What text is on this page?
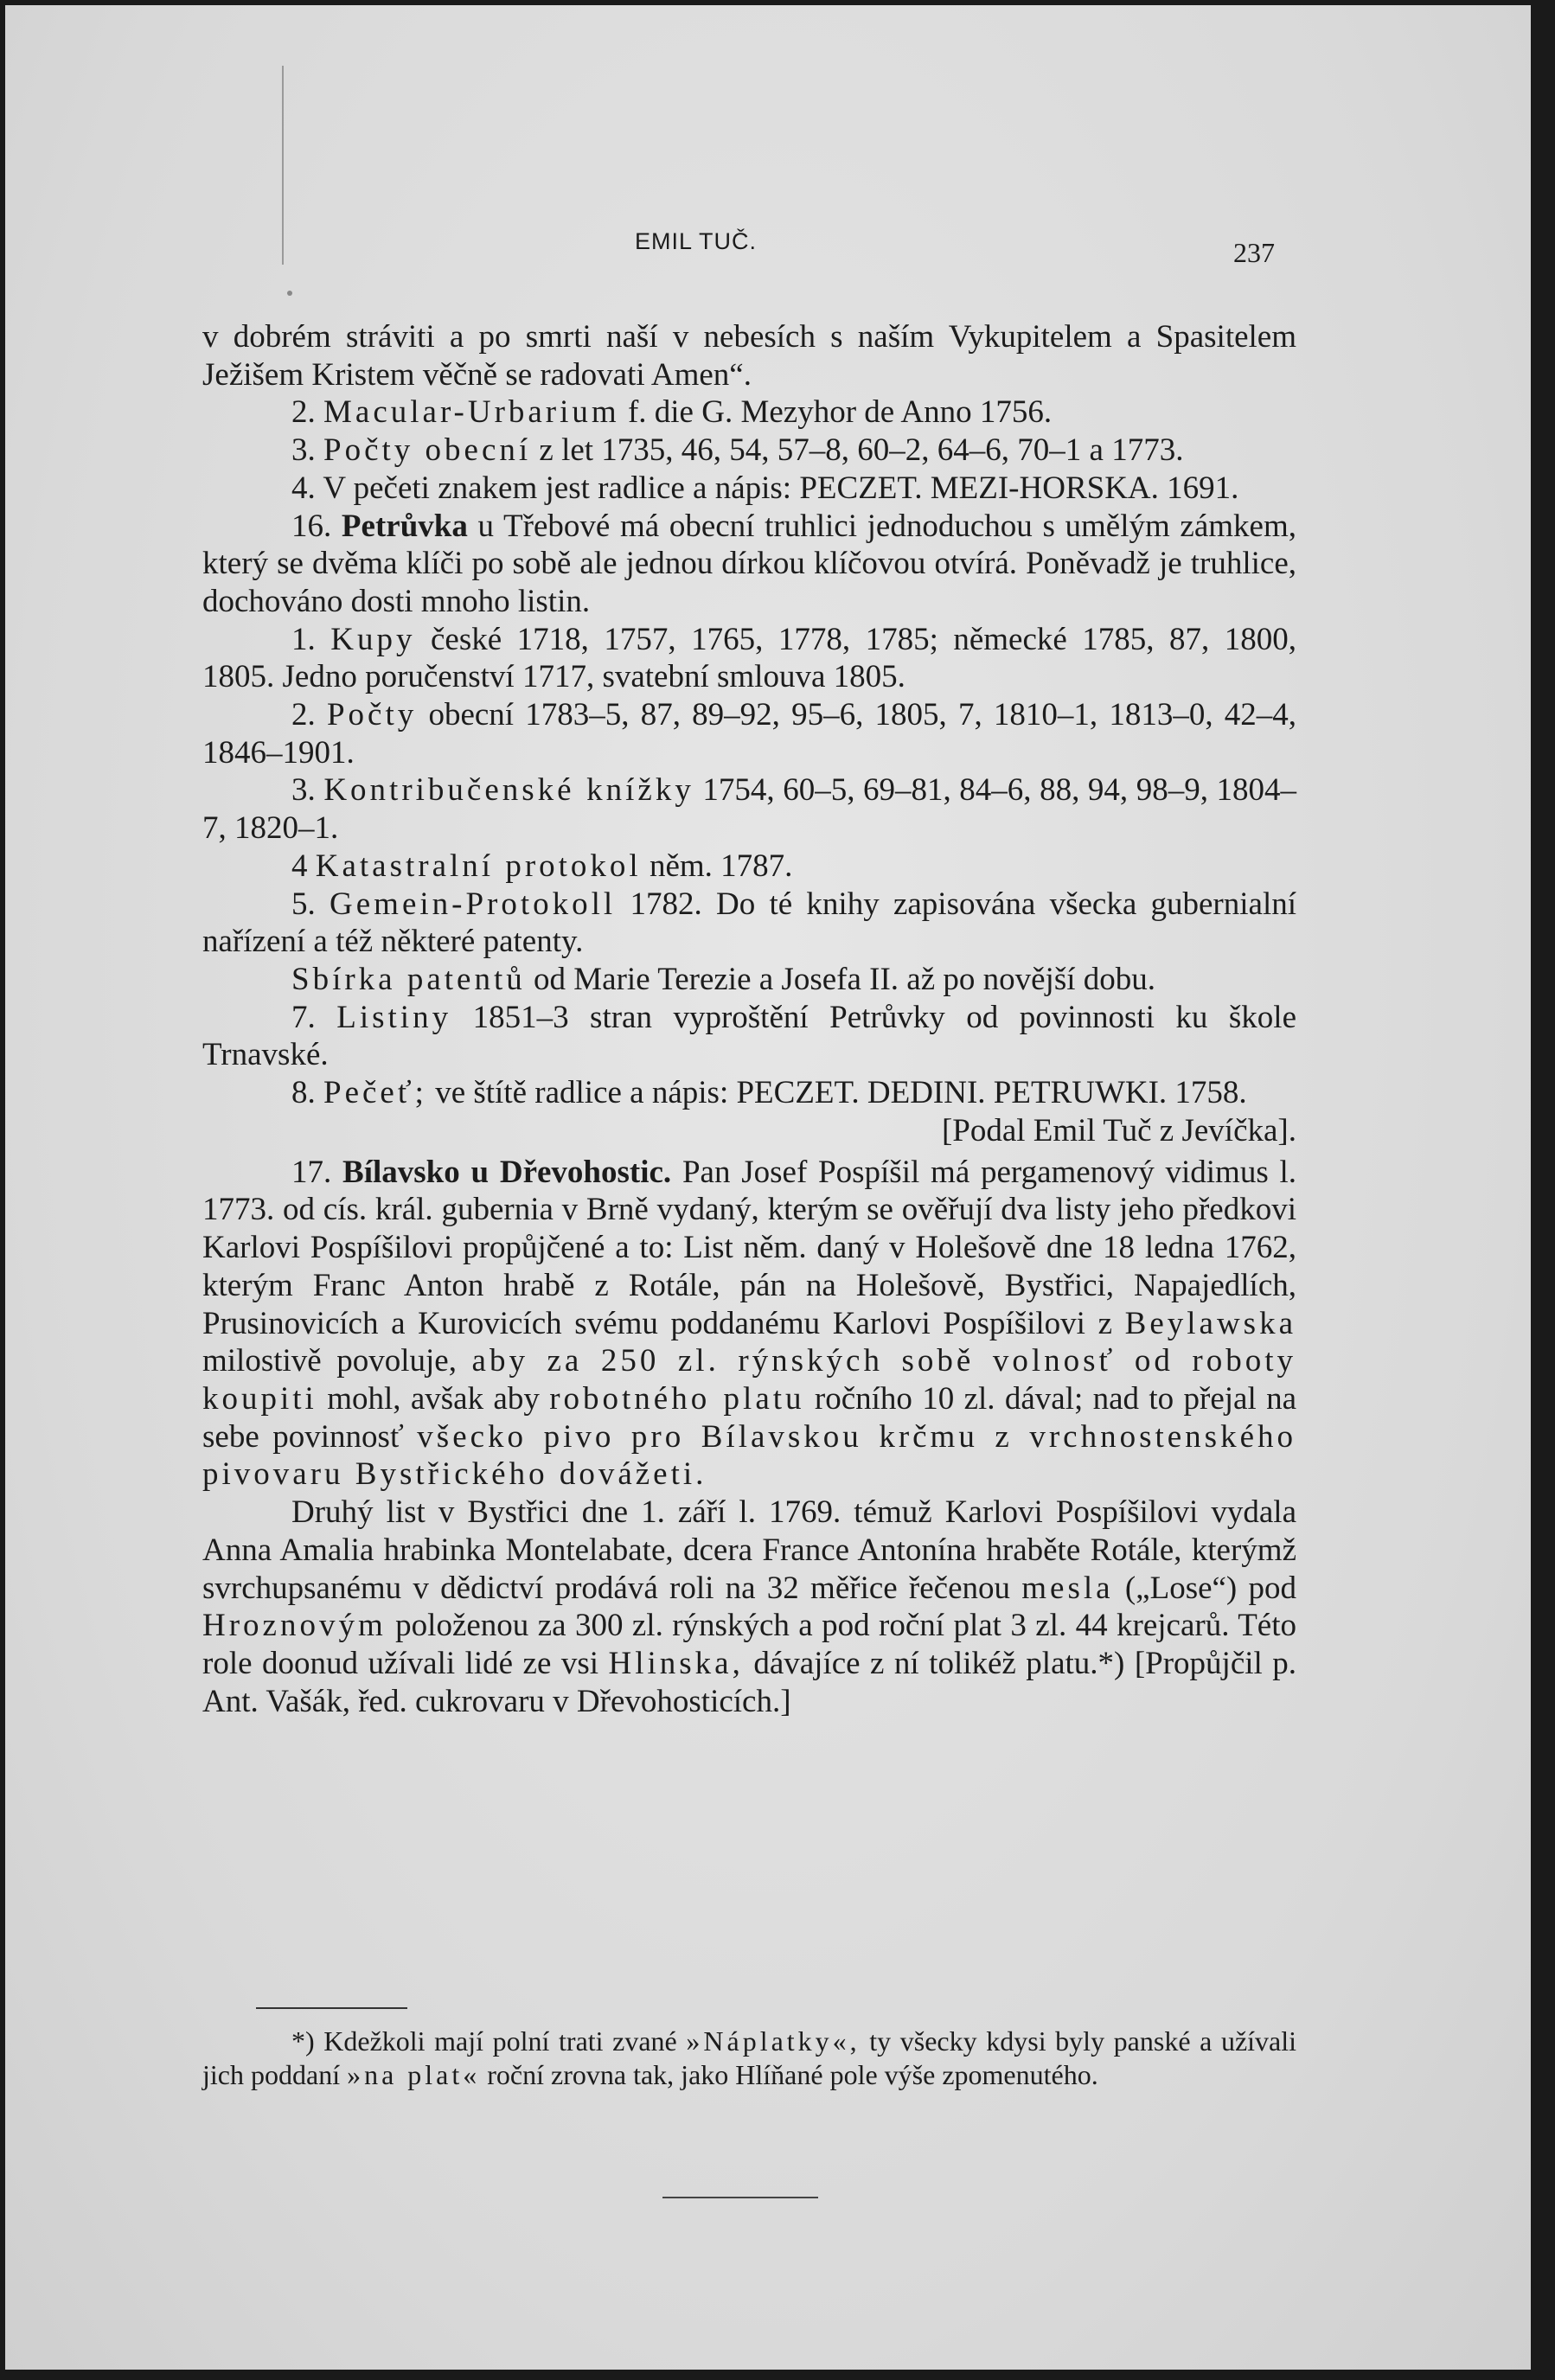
EMIL TUČ.	237

v dobrém stráviti a po smrti naší v nebesích s naším Vykupitelem a Spasitelem Ježišem Kristem věčně se radovati Amen“.

2. Macular-Urbarium f. die G. Mezyhor de Anno 1756.

3. Počty obecní z let 1735, 46, 54, 57–8, 60–2, 64–6, 70–1 a 1773.

4. V pečeti znakem jest radlice a nápis: PECZET. MEZI-HORSKA. 1691.

16. Petrůvka u Třebové má obecní truhlici jednoduchou s umělým zámkem, který se dvěma klíči po sobě ale jednou dírkou klíčovou otvírá. Poněvadž je truhlice, dochováno dosti mnoho listin.

1. Kupy české 1718, 1757, 1765, 1778, 1785; německé 1785, 87, 1800, 1805. Jedno poručenství 1717, svatební smlouva 1805.

2. Počty obecní 1783–5, 87, 89–92, 95–6, 1805, 7, 1810–1, 1813–0, 42–4, 1846–1901.

3. Kontribučenské knížky 1754, 60–5, 69–81, 84–6, 88, 94, 98–9, 1804–7, 1820–1.

4 Katastralní protokol něm. 1787.

5. Gemein-Protokoll 1782. Do té knihy zapisována všecka gubernialní nařízení a též některé patenty.

Sbírka patentů od Marie Terezie a Josefa II. až po novější dobu.

7. Listiny 1851–3 stran vyproštění Petrůvky od povinnosti ku škole Trnavské.

8. Pečeť; ve štítě radlice a nápis: PECZET. DEDINI. PETRUWKI. 1758.
[Podal Emil Tuč z Jevíčka].

17. Bílavsko u Dřevohostic. Pan Josef Pospíšil má pergamenový vidimus l. 1773. od cís. král. gubernia v Brně vydaný, kterým se ověřují dva listy jeho předkovi Karlovi Pospíšilovi propůjčené a to: List něm. daný v Holešově dne 18 ledna 1762, kterým Franc Anton hrabě z Rotále, pán na Holešově, Bystřici, Napajedlích, Prusinovicích a Kurovicích svému poddanému Karlovi Pospíšilovi z Beylawska milostivě povoluje, aby za 250 zl. rýnských sobě volnosť od roboty koupiti mohl, avšak aby robotného platu ročního 10 zl. dával; nad to přejal na sebe povinnosť všecko pivo pro Bílavskou krčmu z vrchnostenského pivovaru Bystřického dovážeti.

Druhý list v Bystřici dne 1. září l. 1769. témuž Karlovi Pospíšilovi vydala Anna Amalia hrabinka Montelabate, dcera France Antonína hraběte Rotále, kterýmž svrchupsanému v dědictví prodává roli na 32 měřice řečenou mesla („Lose“) pod Hroznovým položenou za 300 zl. rýnských a pod roční plat 3 zl. 44 krejcarů. Této role doonud užívali lidé ze vsi Hlinska, dávajíce z ní tolikéž platu.*) [Propůjčil p. Ant. Vašák, řed. cukrovaru v Dřevohosticích.]

*) Kdežkoli mají polní trati zvané »Náplatky«, ty všecky kdysi byly panské a užívali jich poddaní »na plat« roční zrovna tak, jako Hlíňané pole výše zpomenutého.
